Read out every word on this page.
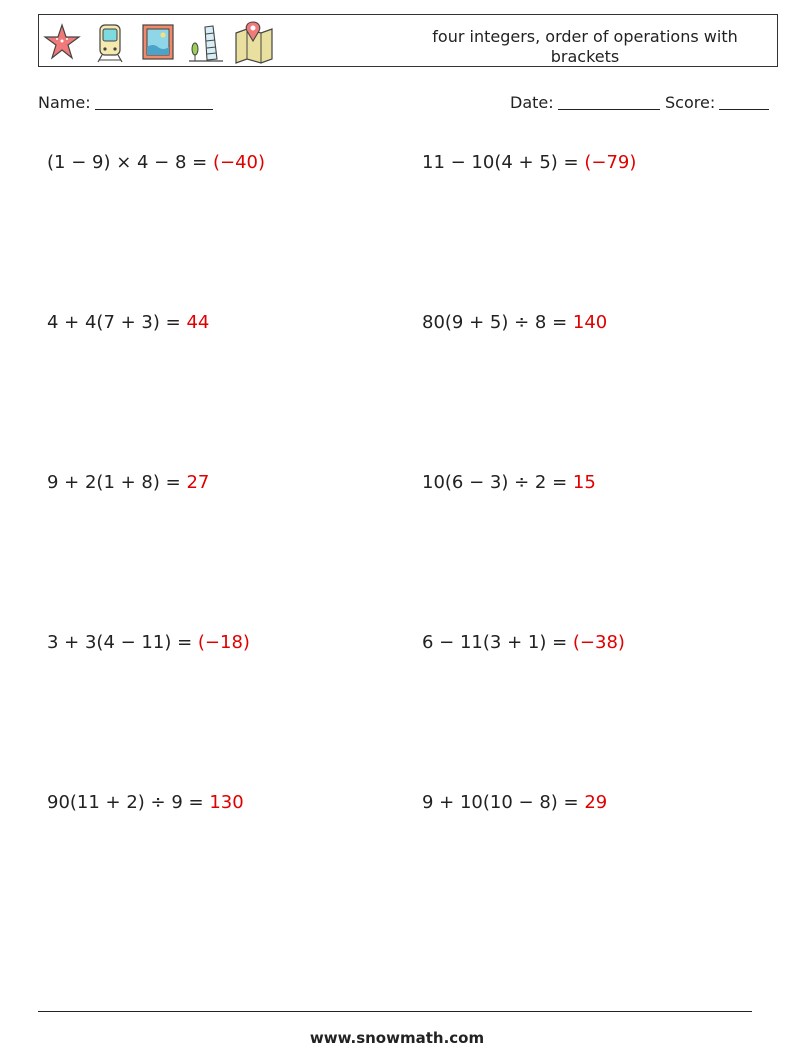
four integers, order of operations with brackets
Name:	Date:	Score:
(1 − 9) × 4 − 8 = (−40)	11 − 10(4 + 5) = (−79)
4 + 4(7 + 3) = 44	80(9 + 5) ÷ 8 = 140
9 + 2(1 + 8) = 27	10(6 − 3) ÷ 2 = 15
3 + 3(4 − 11) = (−18)	6 − 11(3 + 1) = (−38)
90(11 + 2) ÷ 9 = 130	9 + 10(10 − 8) = 29
www.snowmath.com
